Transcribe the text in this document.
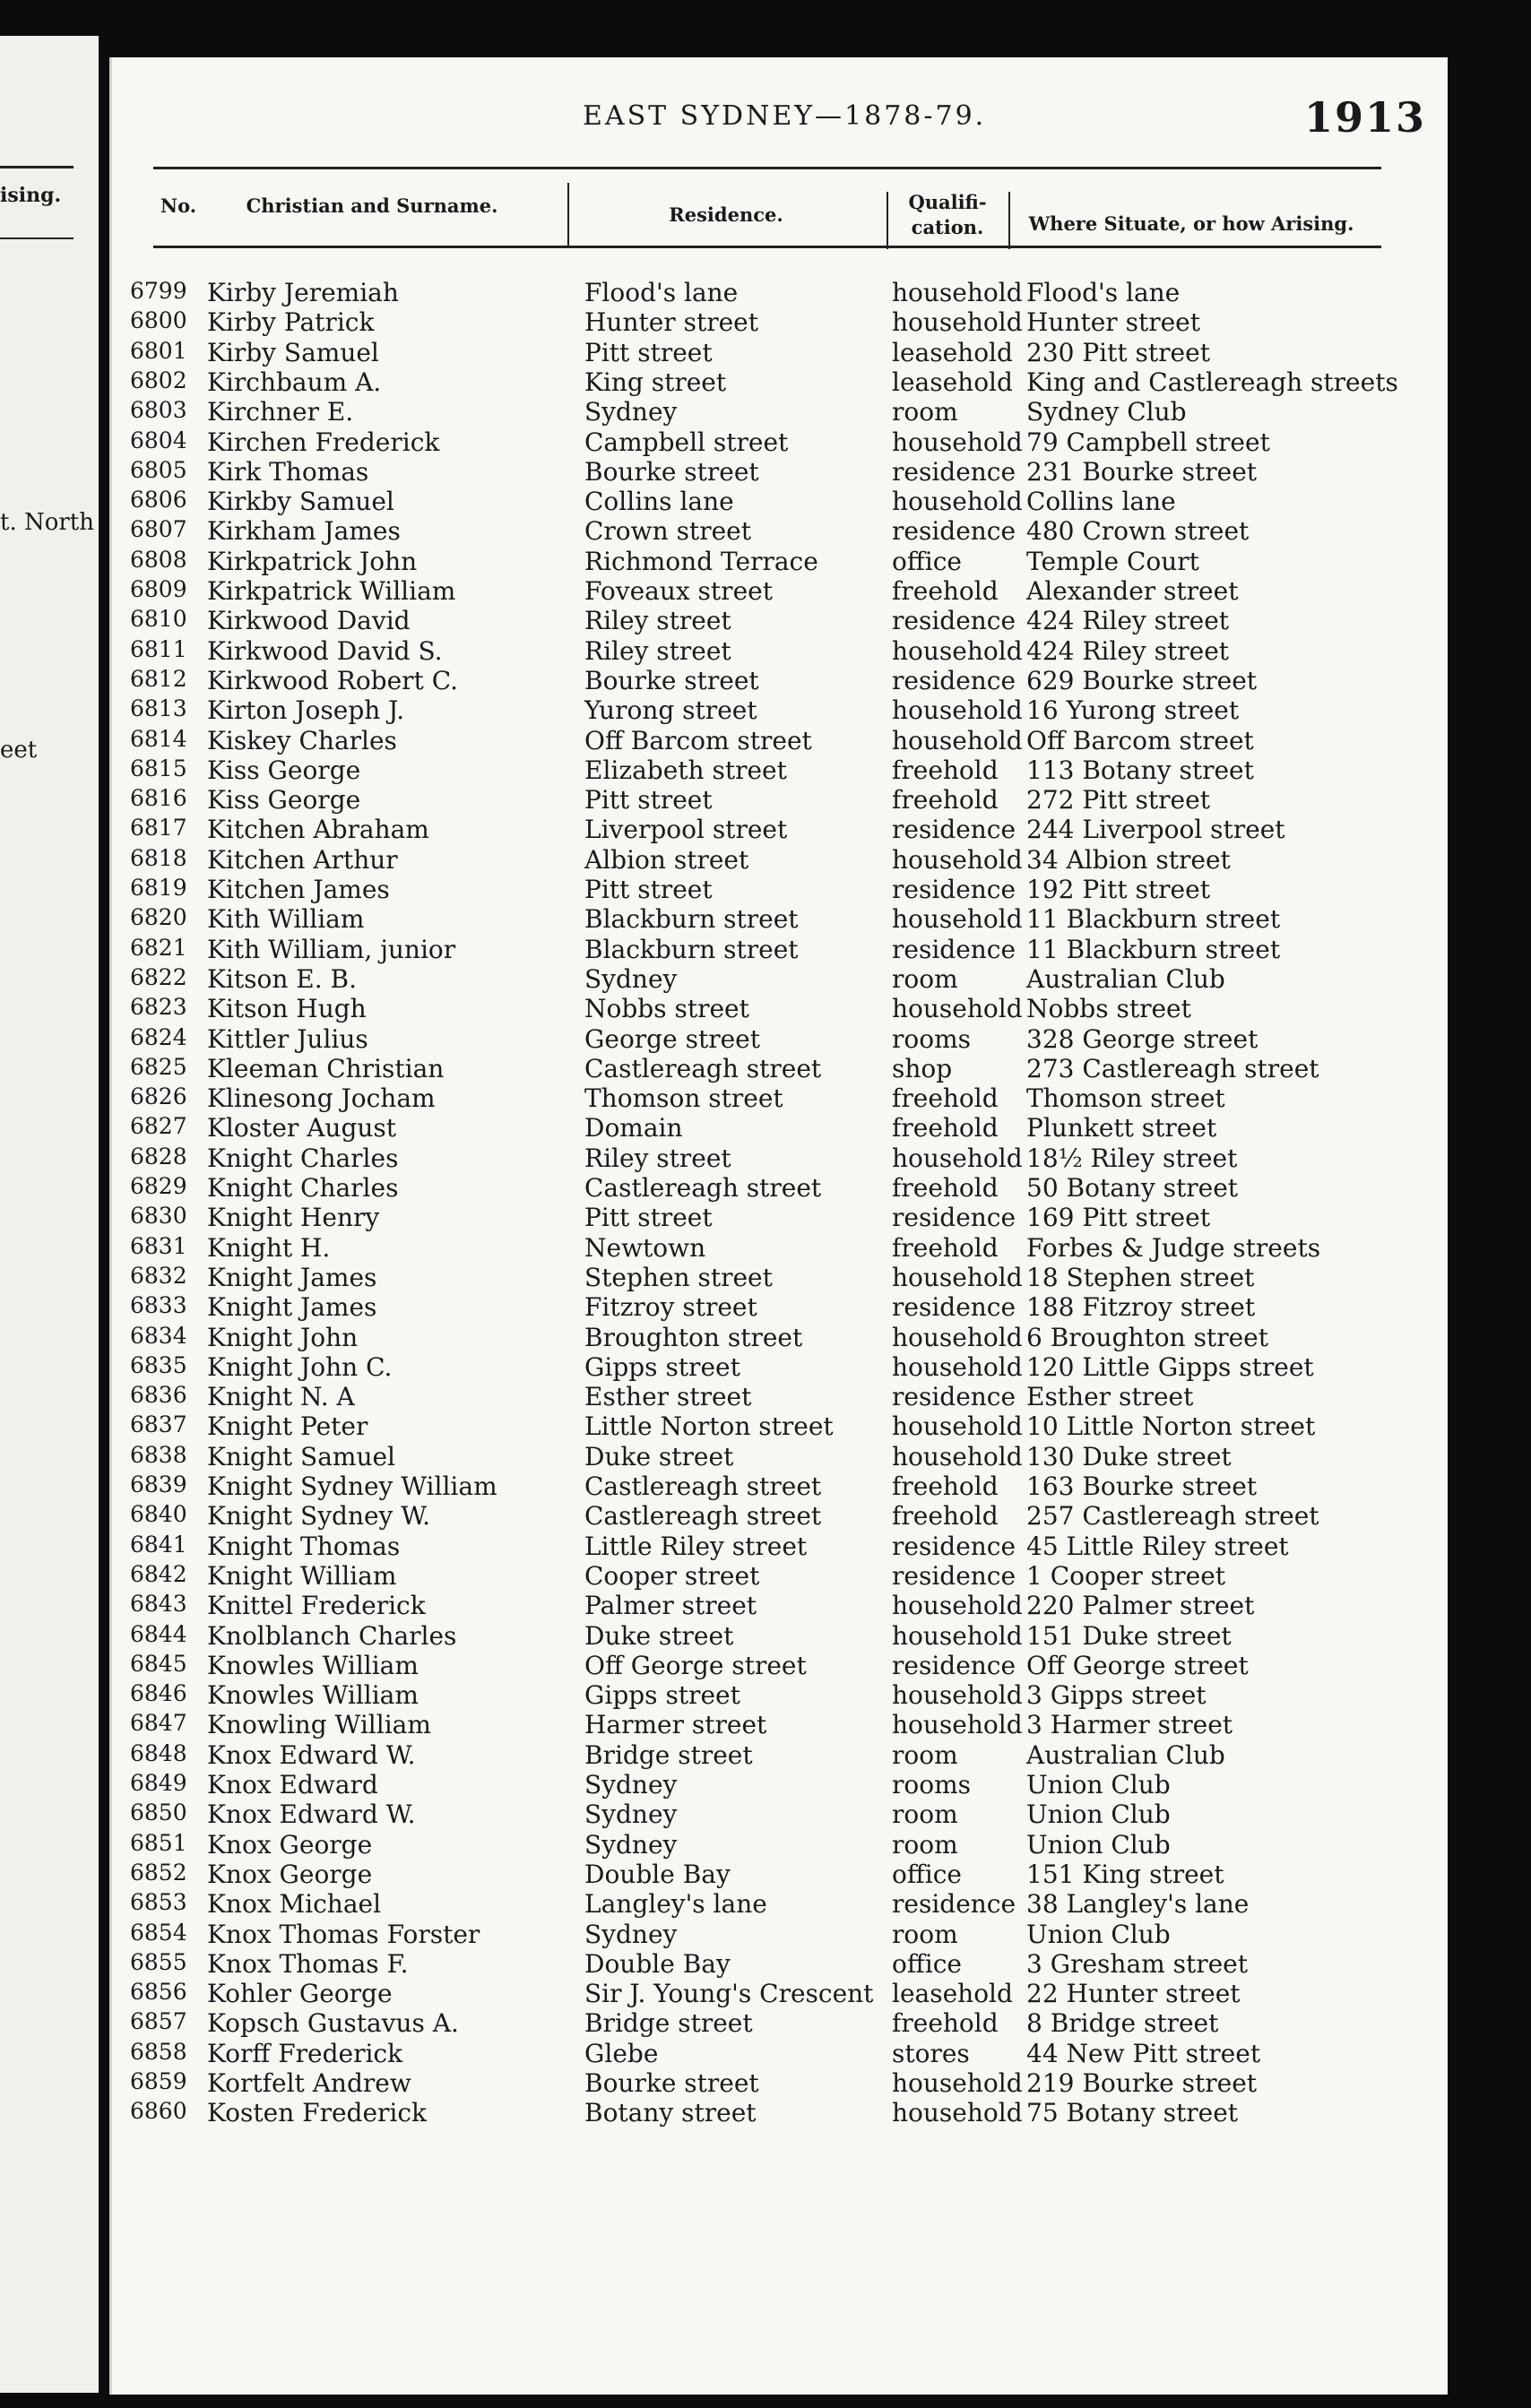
ising.
t. North
eet
EAST SYDNEY—1878-79.	1913
No.	Christian and Surname.	Residence.
Qualifi-
cation.	Where Situate, or how Arising.
6799 Kirby Jeremiah	Flood's lane	household Flood's lane
6800 Kirby Patrick	Hunter street	household Hunter street
6801 Kirby Samuel	Pitt street	leasehold 230 Pitt street
6802 Kirchbaum A.	King street	leasehold King and Castlereagh streets
6803 Kirchner E.	Sydney	room	Sydney Club
6804 Kirchen Frederick	Campbell street	household 79 Campbell street
6805 Kirk Thomas	Bourke street	residence 231 Bourke street
6806 Kirkby Samuel	Collins lane	household Collins lane
6807 Kirkham James	Crown street	residence 480 Crown street
6808 Kirkpatrick John	Richmond Terrace	office	Temple Court
6809 Kirkpatrick William	Foveaux street	freehold Alexander street
6810 Kirkwood David	Riley street	residence 424 Riley street
6811 Kirkwood David S.	Riley street	household 424 Riley street
6812 Kirkwood Robert C.	Bourke street	residence 629 Bourke street
6813 Kirton Joseph J.	Yurong street	household 16 Yurong street
6814 Kiskey Charles	Off Barcom street	household Off Barcom street
6815 Kiss George	Elizabeth street	freehold 113 Botany street
6816 Kiss George	Pitt street	freehold 272 Pitt street
6817 Kitchen Abraham	Liverpool street	residence 244 Liverpool street
6818 Kitchen Arthur	Albion street	household 34 Albion street
6819 Kitchen James	Pitt street	residence 192 Pitt street
6820 Kith William	Blackburn street	household 11 Blackburn street
6821 Kith William, junior	Blackburn street	residence 11 Blackburn street
6822 Kitson E. B.	Sydney	room	Australian Club
6823 Kitson Hugh	Nobbs street	household Nobbs street
6824 Kittler Julius	George street	rooms 328 George street
6825 Kleeman Christian	Castlereagh street	shop	273 Castlereagh street
6826 Klinesong Jocham	Thomson street	freehold Thomson street
6827 Kloster August	Domain	freehold Plunkett street
6828 Knight Charles	Riley street	household 18½ Riley street
6829 Knight Charles	Castlereagh street	freehold 50 Botany street
6830 Knight Henry	Pitt street	residence 169 Pitt street
6831 Knight H.	Newtown	freehold Forbes & Judge streets
6832 Knight James	Stephen street	household 18 Stephen street
6833 Knight James	Fitzroy street	residence 188 Fitzroy street
6834 Knight John	Broughton street	household 6 Broughton street
6835 Knight John C.	Gipps street	household 120 Little Gipps street
6836 Knight N. A	Esther street	residence Esther street
6837 Knight Peter	Little Norton street household 10 Little Norton street
6838 Knight Samuel	Duke street	household 130 Duke street
6839 Knight Sydney William	Castlereagh street	freehold 163 Bourke street
6840 Knight Sydney W.	Castlereagh street	freehold 257 Castlereagh street
6841 Knight Thomas	Little Riley street	residence 45 Little Riley street
6842 Knight William	Cooper street	residence 1 Cooper street
6843 Knittel Frederick	Palmer street	household 220 Palmer street
6844 Knolblanch Charles	Duke street	household 151 Duke street
6845 Knowles William	Off George street	residence Off George street
6846 Knowles William	Gipps street	household 3 Gipps street
6847 Knowling William	Harmer street	household 3 Harmer street
6848 Knox Edward W.	Bridge street	room	Australian Club
6849 Knox Edward	Sydney	rooms Union Club
6850 Knox Edward W.	Sydney	room	Union Club
6851 Knox George	Sydney	room	Union Club
6852 Knox George	Double Bay	office	151 King street
6853 Knox Michael	Langley's lane	residence 38 Langley's lane
6854 Knox Thomas Forster	Sydney	room	Union Club
6855 Knox Thomas F.	Double Bay	office	3 Gresham street
6856 Kohler George	Sir J. Young's Crescent leasehold 22 Hunter street
6857 Kopsch Gustavus A.	Bridge street	freehold 8 Bridge street
6858 Korff Frederick	Glebe	stores 44 New Pitt street
6859 Kortfelt Andrew	Bourke street	household 219 Bourke street
6860 Kosten Frederick	Botany street	household 75 Botany street
